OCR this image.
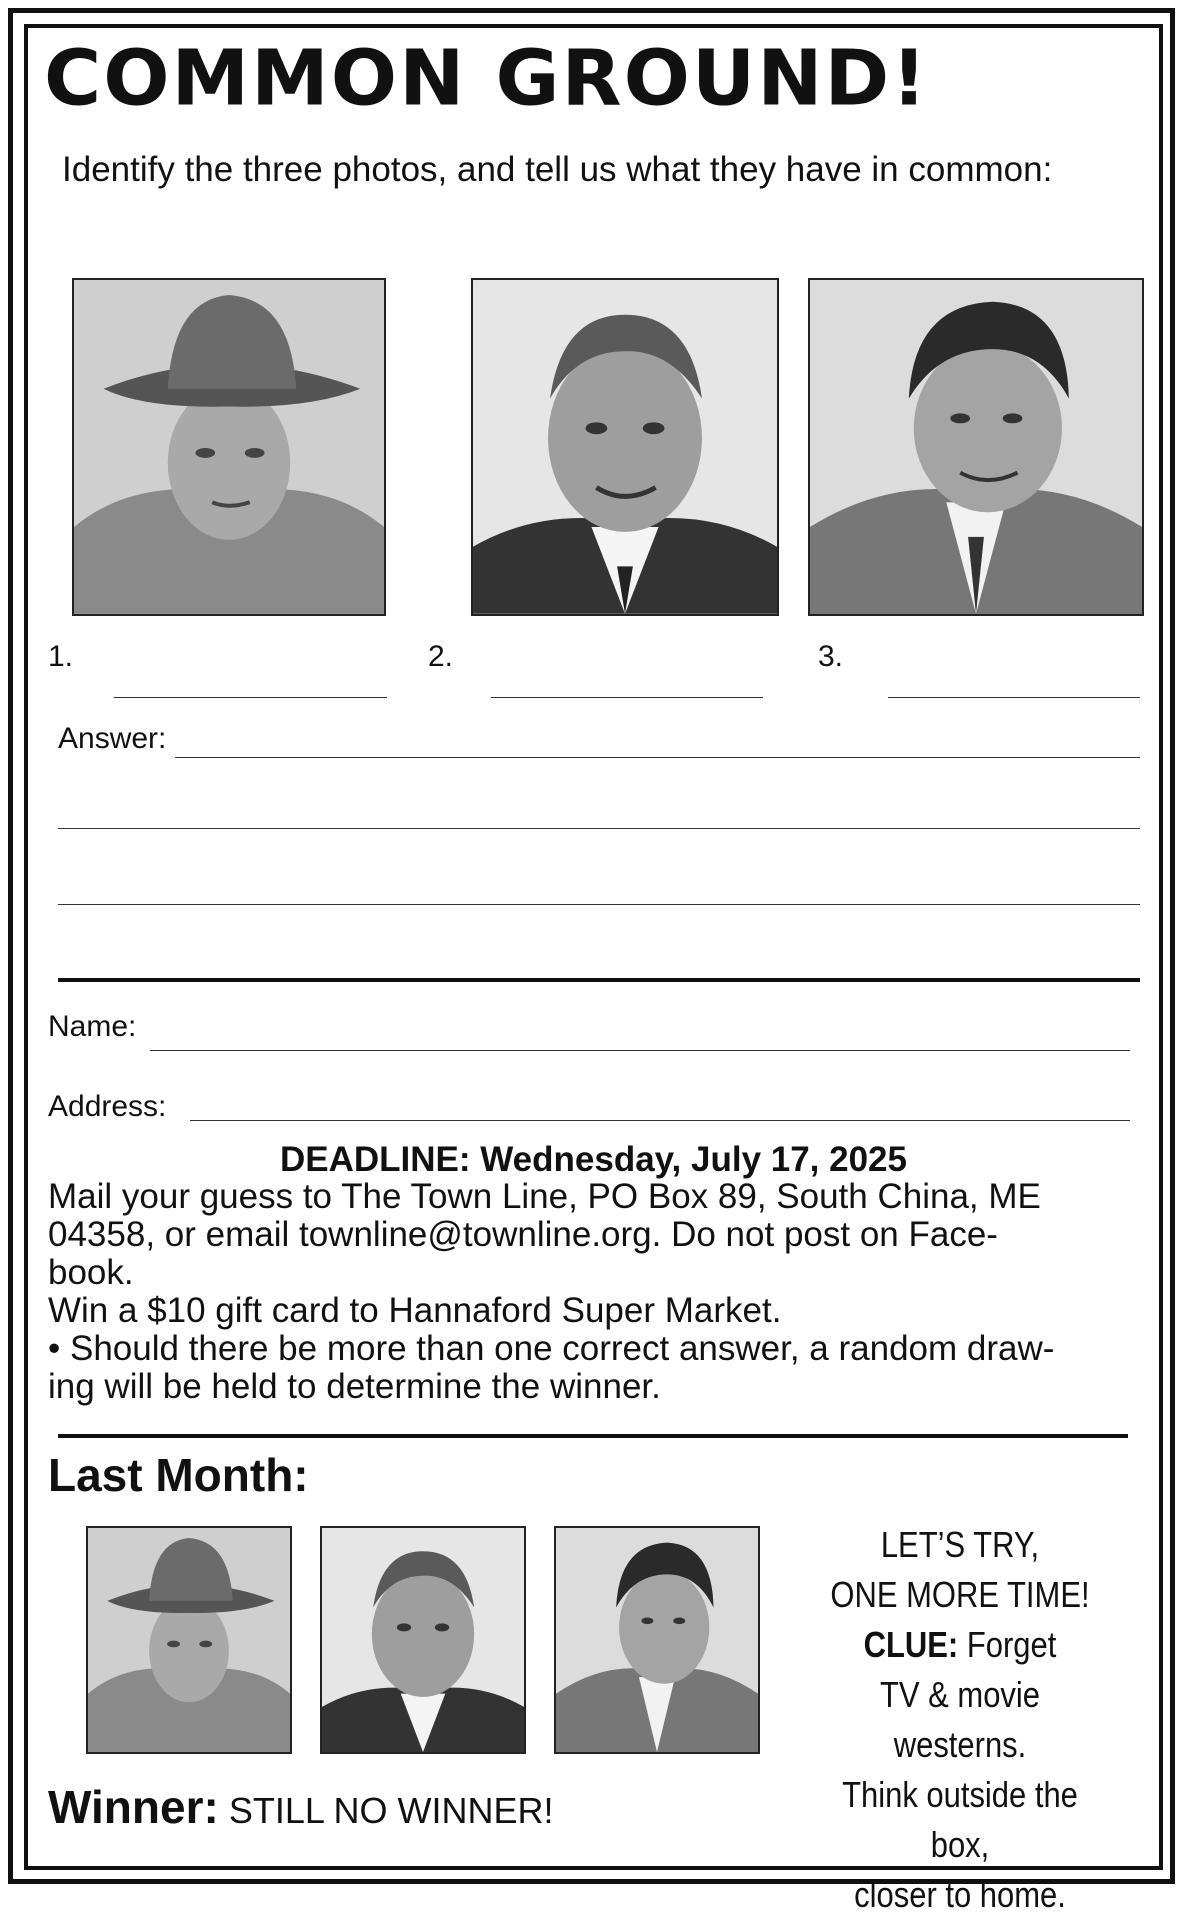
COMMON GROUND!
Identify the three photos, and tell us what they have in common:
1.	2.	3.
Answer:
Name:
Address:
DEADLINE: Wednesday, July 17, 2025
Mail your guess to The Town Line, PO Box 89, South China, ME
04358, or email townline@townline.org. Do not post on Face-
book.
Win a $10 gift card to Hannaford Super Market.
• Should there be more than one correct answer, a random draw-
ing will be held to determine the winner.
Last Month:
LET’S TRY,
ONE MORE TIME!
CLUE: Forget
TV & movie westerns.
Think outside the box,
closer to home.
Winner: STILL NO WINNER!
